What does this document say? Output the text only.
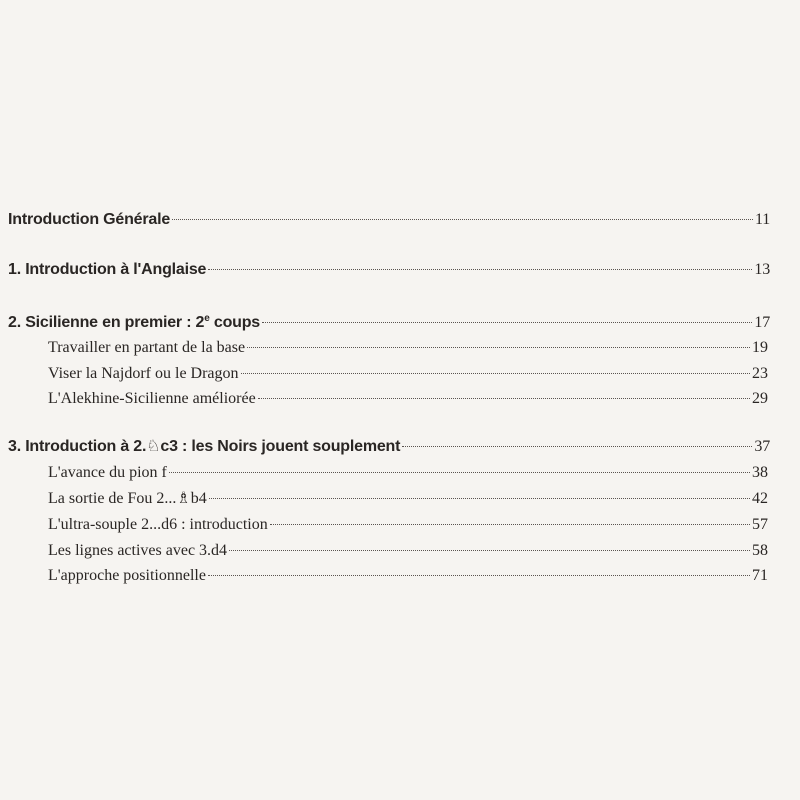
Introduction Générale	11
1. Introduction à l'Anglaise	13
2. Sicilienne en premier : 2e coups	17
Travailler en partant de la base	19
Viser la Najdorf ou le Dragon	23
L'Alekhine-Sicilienne améliorée	29
3. Introduction à 2.♘c3 : les Noirs jouent souplement	37
L'avance du pion f	38
La sortie de Fou 2...♗b4	42
L'ultra-souple 2...d6 : introduction	57
Les lignes actives avec 3.d4	58
L'approche positionnelle	71
